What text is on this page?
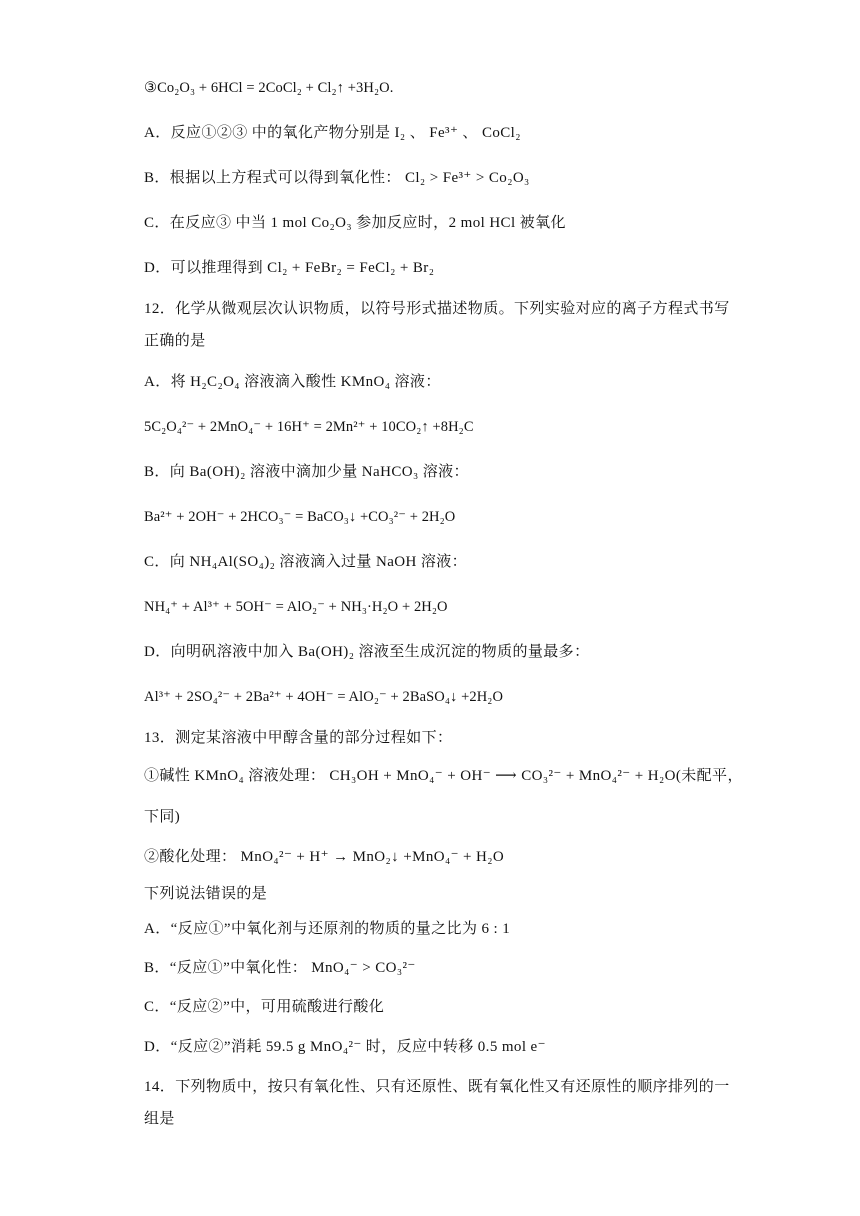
③Co₂O₃ + 6HCl = 2CoCl₂ + Cl₂↑ +3H₂O.
A．反应①②③ 中的氧化产物分别是 I₂ 、 Fe³⁺ 、 CoCl₂
B．根据以上方程式可以得到氧化性： Cl₂ > Fe³⁺ > Co₂O₃
C．在反应③ 中当 1 mol Co₂O₃ 参加反应时，2 mol HCl 被氧化
D．可以推理得到 Cl₂ + FeBr₂ = FeCl₂ + Br₂
12．化学从微观层次认识物质，以符号形式描述物质。下列实验对应的离子方程式书写
正确的是
A．将 H₂C₂O₄ 溶液滴入酸性 KMnO₄ 溶液：
5C₂O₄²⁻ + 2MnO₄⁻ + 16H⁺ = 2Mn²⁺ + 10CO₂↑ +8H₂C
B．向 Ba(OH)₂ 溶液中滴加少量 NaHCO₃ 溶液：
Ba²⁺ + 2OH⁻ + 2HCO₃⁻ = BaCO₃↓ +CO₃²⁻ + 2H₂O
C．向 NH₄Al(SO₄)₂ 溶液滴入过量 NaOH 溶液：
NH₄⁺ + Al³⁺ + 5OH⁻ = AlO₂⁻ + NH₃·H₂O + 2H₂O
D．向明矾溶液中加入 Ba(OH)₂ 溶液至生成沉淀的物质的量最多：
Al³⁺ + 2SO₄²⁻ + 2Ba²⁺ + 4OH⁻ = AlO₂⁻ + 2BaSO₄↓ +2H₂O
13．测定某溶液中甲醇含量的部分过程如下：
①碱性 KMnO₄ 溶液处理： CH₃OH + MnO₄⁻ + OH⁻ ⟶ CO₃²⁻ + MnO₄²⁻ + H₂O(未配平，
下同)
②酸化处理： MnO₄²⁻ + H⁺ → MnO₂↓ +MnO₄⁻ + H₂O
下列说法错误的是
A．“反应①”中氧化剂与还原剂的物质的量之比为 6 : 1
B．“反应①”中氧化性： MnO₄⁻ > CO₃²⁻
C．“反应②”中，可用硫酸进行酸化
D．“反应②”消耗 59.5 g MnO₄²⁻ 时，反应中转移 0.5 mol e⁻
14．下列物质中，按只有氧化性、只有还原性、既有氧化性又有还原性的顺序排列的一
组是
